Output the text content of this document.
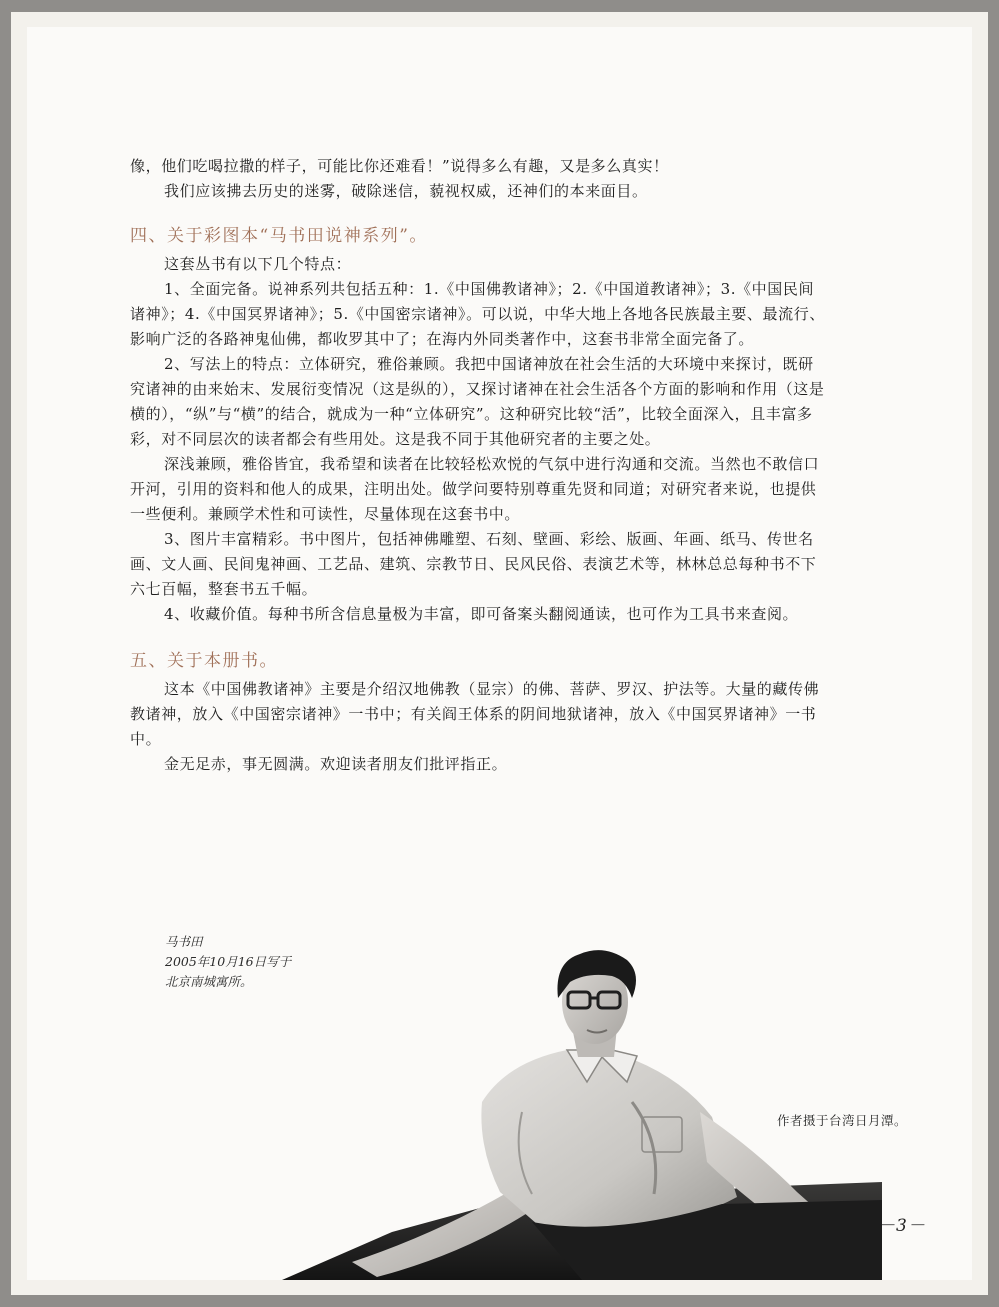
像，他们吃喝拉撒的样子，可能比你还难看！”说得多么有趣，又是多么真实！

我们应该拂去历史的迷雾，破除迷信，藐视权威，还神们的本来面目。

四、关于彩图本“马书田说神系列”。

这套丛书有以下几个特点：

1、全面完备。说神系列共包括五种：1.《中国佛教诸神》；2.《中国道教诸神》；3.《中国民间诸神》；4.《中国冥界诸神》；5.《中国密宗诸神》。可以说，中华大地上各地各民族最主要、最流行、影响广泛的各路神鬼仙佛，都收罗其中了；在海内外同类著作中，这套书非常全面完备了。

2、写法上的特点：立体研究，雅俗兼顾。我把中国诸神放在社会生活的大环境中来探讨，既研究诸神的由来始末、发展衍变情况（这是纵的），又探讨诸神在社会生活各个方面的影响和作用（这是横的），“纵”与“横”的结合，就成为一种“立体研究”。这种研究比较“活”，比较全面深入，且丰富多彩，对不同层次的读者都会有些用处。这是我不同于其他研究者的主要之处。

深浅兼顾，雅俗皆宜，我希望和读者在比较轻松欢悦的气氛中进行沟通和交流。当然也不敢信口开河，引用的资料和他人的成果，注明出处。做学问要特别尊重先贤和同道；对研究者来说，也提供一些便利。兼顾学术性和可读性，尽量体现在这套书中。

3、图片丰富精彩。书中图片，包括神佛雕塑、石刻、壁画、彩绘、版画、年画、纸马、传世名画、文人画、民间鬼神画、工艺品、建筑、宗教节日、民风民俗、表演艺术等，林林总总每种书不下六七百幅，整套书五千幅。

4、收藏价值。每种书所含信息量极为丰富，即可备案头翻阅通读，也可作为工具书来查阅。

五、关于本册书。

这本《中国佛教诸神》主要是介绍汉地佛教（显宗）的佛、菩萨、罗汉、护法等。大量的藏传佛教诸神，放入《中国密宗诸神》一书中；有关阎王体系的阴间地狱诸神，放入《中国冥界诸神》一书中。

金无足赤，事无圆满。欢迎读者朋友们批评指正。

马书田
2005年10月16日写于
北京南城寓所。
作者摄于台湾日月潭。
－3－
